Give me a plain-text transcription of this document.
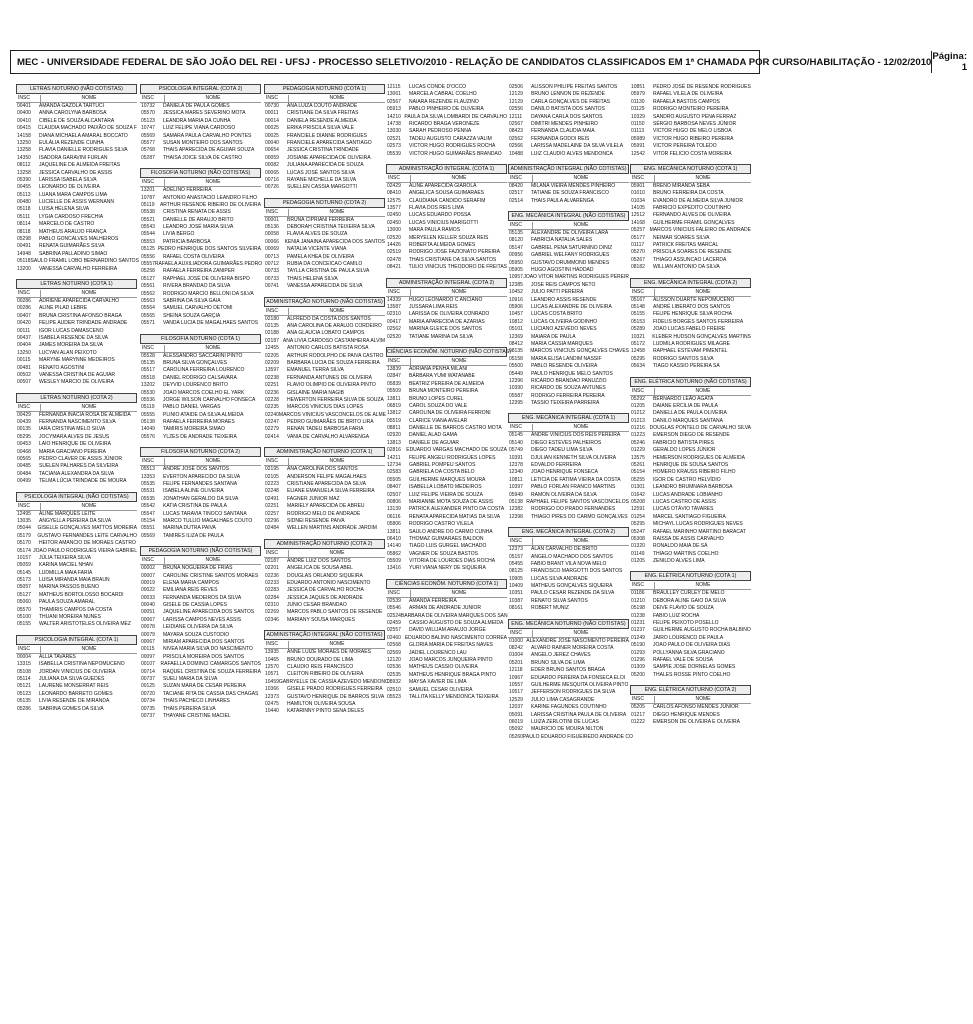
MEC - UNIVERSIDADE FEDERAL DE SÃO JOÃO DEL REI - UFSJ - PROCESSO SELETIVO/2010 - RELAÇÃO DE CANDIDATOS CLASSIFICADOS EM 1ª CHAMADA POR CURSO/HABILITAÇÃO - 12/02/2010 Página: 1
LETRAS NOTURNO (NÃO COTISTAS)
INSC	NOME
00401	AMANDA GAZOLA TARTUCI
00400	ANNA CAROLYNA BARBOSA
00410	CIBELE DE SOUZA ALCANTARA
00415	CLAUDIA MACHADO PAIXÃO DE SOUZA F
14158	DIANA MICHAELA AMARAL BOCCATO
13250	EULÁLIA REZENDE CUNHA
13258	FLAVIA DANIELLE RODRIGUES SILVA
14350	ISADORA GARAVINI FURLAN
08112	JAQUELINE DE ALMEIDA FREITAS
13258	JESSICA CARVALHO DE ASSIS
05390	LARISSA ISABELA SILVA
00455	LEONARDO DE OLIVEIRA
05113	LUANA MARA CAMPOS LIMA
00480	LUCIELLE DE ASSIS WERNANN
05118	LUISA HELENA SILVA
05111	LYGIA CARDOSO FRECHIA
08114	MARCELO DE CASTRO
08118	MATHEUS ARAUJO FRANÇA
05298	PABLO GONCALVES MALHEIROS
00491	RENATA GUIMARÃES SILVA
14948	SABRINA PALLADINO SIMAO
05118 SAULO FRAMIL LOBO BERNARDINO SANTOS
13200	VANESSA CARVALHO FERREIRA
LETRAS NOTURNO (COTA 1)
INSC	NOME
00286	ADRIENE APARECIDA CARVALHO
00286	ALINE PILAD LEBRE
00407	BRUNA CRISTINA AFONSO BRAGA
00420	FELIPE AUDER TRINDADE ANDRADE
00111	IGOR LUCAS DAMASCENO
00437	ISABELA RESENDE DA SILVA
00404	JAMES MOREIRA DA SILVA
13250	LUCYAN ALAN PEIXOTO
00115	MARYNE MARYNNE MEDEIROS
00481	RENATO AGOSTINI
00502	VANESSA CRISTINA DE AGUIAR
00507	WESLEY MARCIO DE OLIVEIRA
LETRAS NOTURNO (COTA 2)
INSC	NOME
00429	FERNANDA INACIA ROSA DE ALMEIDA
00439	FERNANDA NASCIMENTO SILVA
00135	IARA CRISTINA MELO SILVA
05295	JOCYMARA ALVES DE JESUS
00453	LAIO HENRIQUE DE OLIVEIRA
00468	MARIA GRACIANO PEREIRA
00565	PEDRO CLAVER DE ASSIS JÚNIOR
00485	SUELEN PALHARES DA SILVEIRA
00484	TACIANA ALEXANDRA DA SILVA
00499	TELMA LÚCIA TRINDADE DE MOURA
PSICOLOGIA INTEGRAL (NÃO COTISTAS)
INSC	NOME
12495	ALINE MARQUES LEITE
13035	ANGYELLA PEREIRA DA SILVA
05044	GISELLE GONÇALVES MATTOS MOREIRA
05179	GUSTAVO FERNANDES LEITE CARVALHO
05170	HEITOR AMANCIO DE MORAES CASTRO
05174 JOAO PAULO RODRIGUES VIEIRA GABRIEL
10157	JÚLIA TEIXEIRA SILVA
05059	KARINA MACIEL NHAN
05145	LUDMILLA MAIA FARIA
05173	LUISA MIRANDA MAIA BRAUN
05057	MARINA PASSOS BUENO
05127	MATHEUS BORTOLOSSO BOCARDI
05060	PAULA SOUZA AMARAL
05570	THAMIRIS CAMPOS DA COSTA
05100	THUANI MOREIRA NUNES
05155	WALTER ARISTOTELES OLIVEIRA MEZ
PSICOLOGIA INTEGRAL (COTA 1)
INSC	NOME
00004	ALLIA TAVARES
13315	ISABELLA CRISTINA NEPOMUCENO
05108	JORDAN VINICIUS DE OLIVEIRA
05114	JULIANA DA SILVA GUEDES
05121	LAURENE MONSERRAT REIS
05123	LEONARDO BARRETO GOMES
05135	LIVIA RESENDE DE MIRANDA
05286	SABRINA GOMES DA SILVA
PSICOLOGIA INTEGRAL (COTA 2)
INSC	NOME
10732	DANIELA DE PAULA GOMES
05570	JESSICA MARES SEVERINO MOTA
05123	LEANDRA MARIA DA CUNHA
10747	LUIZ FELIPE VIANA CARDOSO
05569	SAMARA PAULA CARVALHO PONTES
05577	SUSAN MONTEIRO DOS SANTOS
05768	THAIS APARECIDA DE AGUIAR SOUZA
05287	THAISA JOICE SILVA DE CASTRO
FILOSOFIA NOTURNO (NÃO COTISTAS)
INSC	NOME
13201	ADELINO FERREIRA
10787	ANTONIO ANASTACIO LEANDRO FILHO
05119	ARTHUR RESENDE RIBEIRO DE OLIVEIRA
05538	CRISTINA RENATA DE ASSIS
05521	DANIELLE DE ARAUJO BRITO
05543	LEANDRO JOSÉ MARIA SILVA
05544	LIVIA BERGO
05553	PATRICIA BARBOSA
05125 PEDRO HENRIQUE DOS SANTOS SILVEIRA
05556	RAFAEL COSTA OLIVEIRA
05557 RAFAELA AUXILIADORA GUIMARÃES PEDRO
05258	RAFAELA FERREIRA ZANIPER
05127	RAPHAEL JOSÉ DE OLIVEIRA BISPO
05561	RIVERA BRANDAO DA SILVA
05562	RODRIGO MARCIO BELLONI DA SILVA
05563	SABRINA DA SILVA GAIA
05564	SAMUEL CARVALHO DETOMI
05565	SHEINA SOUZA GARÇIA
05571	VANDA LUCIA DE MAGALHAES SANTOS
FILOSOFIA NOTURNO (COTA 1)
INSC	NOME
05528	ALESSANDRO SACCARINI PINTO
05135	BRUNA SILVA GONÇALVES
05517	CAROLINA FERREIRA LOURENCO
05518	DANIEL RODRIGO CALSAVARA
13202	DEYVID LOURENCO BRITO
05530	JOAO MARCOS COELHO EL YARK
05536	JORGE WILSON CARVALHO FONSECA
05119	PABLO DANIEL VARGAS
05555	PLINIO ATAIDE DA SILVA ALMEIDA
05138	RAFAELA FERREIRA MORAES
14049	TAMIRIS MOREIRA SIMAO
05576	YLZES DE ANDRADE TEIXEIRA
FILOSOFIA NOTURNO (COTA 2)
INSC	NOME
05513	ANDRÉ JOSÉ DOS SANTOS
13353	EVERTON APARECIDO DA SILVA
05535	FELIPE FERNANDES SANTANA
05531	ISABELA ALINE OLIVEIRA
05535	JONATHAN GERALDO DA SILVA
05542	KATIA CRISTINA DE PAULA
05547	LUCAS TARAVIA TINOCO SANTANA
05154	MARCO TULLIO MAGALHAES COUTO
05551	MARINA DUTRA PAIVA
05569	TAMIRES ILIZA DE PAULA
PEDAGOGIA NOTURNO (NÃO COTISTAS)
INSC	NOME
00002	BRUNA NOGUEIRA DE FRIAS
00007	CAROLINE CRISTINE SANTOS MORAES
00019	ELENA MARIA CAMPOS
00022	EMILIANA REIS REVES
00033	FERNANDA MEDEIROS DA SILVA
00040	GISELE DE CASSIA LOPES
00051	JAQUELINE APARECIDA DOS SANTOS
00067	LARISSA CAMPOS NEVES ASSIS
00078	LEIDIANE OLIVEIRA DA SILVA
00079	MAYARA SOUZA CUSTODIO
00067	MIRIAM APARECIDA DOS SANTOS
00115	NIVEA MARIA SILVA DO NASCIMENTO
00097	PRISCILA MOREIRA DOS SANTOS
00107	RAFAELLA DOMINCI CAMARGOS SANTOS
00714	RAQUEL CRISTINA DE SOUZA FERREIRA
00737	SUELI MARIA DA SILVA
00125	SUZAN MARA DE CESAR PEREIRA
00720	TACIANE RITA DE CASSIA DAS CHAGAS
00734	THAIS PACHECO LINHARES
00735	THAIS PEREIRA SILVA
00737	THAYANE CRISTINE MACIEL
PEDAGOGIA NOTURNO (COTA 1)
INSC	NOME
00730	ANA LUIZA COUTO ANDRADE
00011	CRISTIANE DA SILVA FREITAS
00014	DANIELA RESENDE ALMEIDA
00025	ERIKA PRISCILA SILVA VALE
00025	FRANCIELE DIANNE RODRIGUES
00040	FRANCIELE APARECIDA SANTIAGO
00654	JESSICA CRISTINA TRINDADE
00059	JOSIANE APARECIDA DE OLIVEIRA
00082	JULIANA APARECIDA DE SOUZA
00065	LUCAS JOSÉ SANTOS SILVA
00716	RAYANE MICHELLE DA SILVA
00726	SUELLEN CASSIA MARGOTTI
PEDAGOGIA NOTURNO (COTA 2)
INSC	NOME
00001	BRUNA CIPRIANI FERREIRA
05136	DEBORAH CRISTINA TEIXEIRA SILVA
00058	FLAVIA ALVES DE SOUZA
00066	KENIA JANAINA APARECIDA DOS SANTOS
00069	NATALIA VICENTE VIANA
00713	PAMELA KHEA DE OLIVEIRA
00712	RUBIA DA CONCEICAO CAMILO
00733	TAYLLA CRISTINA DE PAULA SILVA
00733	THAIS HELENA SILVA
00741	VANESSA APARECIDA DE SILVA
ADMINISTRAÇÃO NOTURNO (NÃO COTISTAS)
INSC	NOME
02180	ALFREDO DA COSTA DOS SANTOS
02135	ANA CAROLINA DE ARAUJO CORDEIRO
02188	ANA GLAUCIA LOBATO CAMPOS
02187 ANA LIVIA CARDOSO CASTANHEIRA ALVIM
12455	ANTONIO CARLOS BATISTA ROSA
02205	ARTHUR RODOLPHO DE PAIVA CASTRO
02209	BARBARA LUCIA DE SOUZA FERREIRA
13597	EMANUEL TERRA SILVA
02238	FERNANDA ANTUNES DE OLIVEIRA
02251	FLAVIO OLIMPIO DE OLIVEIRA PINTO
02236	GISLAINE MARIA NAGIB
02228	HEWERTON FERREIRA SILVA DE SOUZA
02235	MARCOS VINICIUS DIAS LOPES
02240 MARCOS VINICIUS VASCONCELOS DE ALME
02247	PEDRO GUIMARÃES DE BRITO LIRA
02279	RENAN TADEU BARBOSA FARIA
02414	VANIA DE CARVALHO ALVARENGA
ADMINISTRAÇÃO NOTURNO (COTA 1)
INSC	NOME
02195	ANA CAROLINA DOS SANTOS
02105	ANDERSON FELIPE MAGALHAES
02223	CRISTIANE APARECIDA DA SILVA
02248	ELIANE EMANUELA SILVA FERREIRA
02491	FAGNER JUNIOR MAZ
02251	MARIELY APARECIDA DE ABREU
02257	RODRIGO MELO DE ANDRADE
02296	SIDNEI RESENDE PAIVA
02484	WELLEN MARTINS ANDRADE JARDIM
ADMINISTRAÇÃO NOTURNO (COTA 2)
INSC	NOME
02187	ANDRE LUIZ DOS SANTOS
02201	ANGELICA DE SOUSA ABEL
02236	DOUGLAS ORLANDO SIQUEIRA
02233	EDUARDO ANTONIO NASCIMENTO
02283	JESSICA DE CARVALHO ROCHA
02284	JESSICA JAQUES DE ANDRADE
02310	JUNIO CESAR BRANDAO
02269	MARCOS PABLO SANTOS DE RESENDE
02346	MARIANY SOUSA MARQUES
ADMINISTRAÇÃO INTEGRAL (NÃO COTISTAS)
INSC	NOME
13935	ANNE LUIZE MORAES DE MORAES
10465	BRUNO DOURADO DE LIMA
12570	CLAUDIO REIS FRANCISCO
10571	CLEITON RIBEIRO DE OLIVEIRA
10459 GABRYELLE DE CASSIA AZEVEDO MENDONC
10366	GISELE PRADO RODRIGUES FERREIRA
12373	GUSTAVO HENRIQUE DE BARROS SILVA
02475	HAMILTON OLIVEIRA SOUSA
10440	KATARINNY PINTO SENA DELES
12115	LUCAS CONDE D'OCCO
13061	MARCELA CABRAL COELHO
02567	NAIARA REZENDE FLAUZINO
05913	PABLO PINHEIRO DE OLIVEIRA
14210 PAULA DA SILVA LOMBARDI DE CARVALHO
14738	RICARDO BRAGA VERONEZE
13030	SARAH PEDROSO PENNA
02521	TADEU AUGUSTO CARAZZA VALIM
02573	VICTOR HUGO RODRIGUES ROCHA
05539	VICTOR HUGO GUIMARÃES BRANDAO
ADMINISTRAÇÃO INTEGRAL (COTA 1)
INSC	NOME
02429	ALINE APARECIDA GIAROLA
08410	ANGELICA SOUSA GUIMARAES
12575	CLAUDIANA CANDIDO SERAFIM
13577	FLAVIA DOS REIS LIMA
02450	LUCAS EDUARDO POSSA
02450	LUCAS VINICIUS MARIGOTTI
13000	MARA PAULA RAMOS
02520	MERYELEN KELLER SOUZA REIS
14426	ROBERTA ALMEIDA GOMES
02519	RODRIGO JOSE FAZIONATO PEREIRA
02478	THAIS CRISTIANE DA SILVA SANTOS
08421	TULIO VINICIUS THEODORO DE FREITAS
ADMINISTRAÇÃO INTEGRAL (COTA 2)
INSC	NOME
14339	HUGO LEONARDO C ANCIANO
13587	JUSSARA LIMA REIS
02310	LARISSA DE OLIVEIRA CONRADO
00417	MARIA APARECIDA DE AZARIAS
02562	MARINA GLEICE DOS SANTOS
02520	TATIANE MARINA DA SILVA
CIÊNCIAS ECONÔM. NOTURNO (NÃO COTISTAS)
INSC	NOME
13839	ADRIANA PENHA MILANI
02847	BÁRBARA YUMI WATANABE
05839	BEATRIZ PEREIRA DE ALMEIDA
05509	BRUNA MONTEIRO PEREIRA
13811	BRUNO LOPES CUREL
06819	CAROL SOUZA DO VALE
13812	CAROLINA DE OLIVEIRA FERRONI
05519	CLARICE VIANA AVELAR
08811	DANIELLE DE BARROS CASTRO MOTA
02920	DANIEL ALAD GAMA
13813	DANIELE DE AGUIAR
02816	EDUARDO VARGAS MACHADO DE SOUZA
14211	FELIPE ANGELI RODRIGUES LOPES
12734	GABRIEL POMPEU SANTOS
02583	GABRIELA DA COSTA BELO
05505	GUILHERME MARQUES MOURA
08407	ISABELLA LOBATO MEDEIROS
02507	LUIZ FELIPE VIEIRA DE SOUZA
00806	MARIANNE MOTA SOUZA DE ASSIS
13139	PATRICK ALEXANDER PINTO DA COSTA
06116	RENATA APARECIDA MATIAS DA SILVA
05806	RODRIGO CASTRO VILELA
13811	SAULO ANDRE DO CARMO CUNHA
06410	THOMAZ GUIMARAES BALDON
14140	TIAGO LUIS GURGEL MACHADO
05862	VAGNER DE SOUZA BASTOS
05509	VITORIA DE LOURDES DIAS ROCHA
13416	YURI VIANA NERY DE SIQUEIRA
CIÊNCIAS ECONÔM. NOTURNO (COTA 1)
INSC	NOME
02539	AMANDA FERREIRA
05546	ARMAN DE ANDRADE JUNIOR
02524 BARBARA DE OLIVEIRA MARQUES DOS SAN
02459	CASSIO AUGUSTO DE SOUZA ALMEIDA
02557	DAVID WILLIAM ARAUJO JORGE
02460 EDUARDO BALINO NASCIMENTO CORREA
02568	GLORIA MARIA DE FREITAS NAVES
02569	JADIEL LOURENCO LAU
12120	JOAO MARCOS JUNQUEIRA PINTO
02536	MATHEUS CASSIO OLIVEIRA
02535	MATHEUS HENRIQUE BRAGA PINTO
08932	MAYSA XAVIER DE LIMA
02510	SAMUEL CESAR OLIVEIRA
05523	TALLITA KELLY MENDONCA TEIXEIRA
02506	ALISSON PHILIPE FREITAS SANTOS
12129	BRUNO LENNON DE REZENDE
12129	CARLA GONÇALVES DE FREITAS
02556	DANILO BATISTA DOS SANTOS
12111	DAYANA CARLA DOS SANTOS
02567	DIMITRI MENDES PINHEIRO
08423	FERNANDA CLAUDIA MAIA
02562	FERNANDA GODOI REIS
02566	LARISSA MADELAINE DA SILVA VILELA
10488	LUIZ CLAUDIO ALVES MENDONCA
ADMINISTRAÇÃO INTEGRAL (NÃO COTISTAS)
INSC	NOME
08420	MILANA VIEIRA MENDES PINHEIRO
02517	TATIANE DE SOUZA FRANCISCO
02514	THAIS PAULA ALVARENGA
ENG. MECÂNICA INTEGRAL (NÃO COTISTAS)
INSC	NOME
05135	ALEXANDRE DE OLIVEIRA LARA
08120	FABRICIA NATALIA SALES
05147	GABRIEL PENA SATURNINO DINIZ
00956	GABRIEL WELFANY RODRIGUES
05950	GUSTAVO DRUMMOND MENDES
05905	HUGO AGOSTINI HADDAD
10957 JOAO VITOR MARTINS RODRIGUES PEREIR
12385	JOSE REIS CAMPOS NETO
10452	JULIO PATTI PEREIRA
10916	LEANDRO ASSIS RESENDE
05906	LUCAS ALEXANDRE DE OLIVEIRA
10457	LUCAS COSTA BRITO
10812	LUCAS OLIVEIRA GODINHO
05101	LUCIANO AZEVEDO NEVES
12369	MAIARA DE PAULA
08412	MARIA CASSIA MARQUES
08135	MARCOS VINICIUS GONÇALVES CHAVES
05158	MARIA ELISA LANDIM NASSIF
05500	PABLO RESENDE OLIVEIRA
05449	PAULO HENRIQUE MELO SANTOS
12396	RICARDO BRANDAO PANUZZIO
10390	RICARDO DE SOUZA ANTUNES
05587	RODRIGO FERREIRA PEREIRA
12395	TASSIO TEIXEIRA PARREIRA
ENG. MECÂNICA INTEGRAL (COTA 1)
INSC	NOME
05145	ANDRE VINICIUS DOS REIS PEREIRA
05140	DIEGO ESTEVES PALHEIROS
05749	DIEGO TADEU LIMA SILVA
10391	DJULIAN KENNETH SILVA OLIVEIRA
12378	EDVALDO FERREIRA
12340	JOAO HENRIQUE FONSECA
10811	LETICIA DE FATIMA VIEIRA DA COSTA
10397	PABLO FORLAN FRANCO MARTINS
05949	RAMON OLIVEIRA DA SILVA
05138 RAPHAEL FELIPE SANTOS VASCONCELOS
12382	RODRIGO DO PRADO FERNANDES
12398	THIAGO PIRES DO CARMO GONÇALVES
ENG. MECÂNICA INTEGRAL (COTA 2)
INSC	NOME
12373	ALAN CARVALHO DE BRITO
05157	ANGELO MACHADO DOS SANTOS
05455	FABIO BRANT VILA NOVA MELO
08125	FRANCISCO MARGOTTI DOS SANTOS
10905	LUCAS SILVA ANDRADE
10409	MATHEUS GONÇALVES SIQUEIRA
10351	PAULO CESAR REZENDE DA SILVA
10387	RENATO SILVA SANTOS
08161	ROBERT MUNIZ
ENG. MECÂNICA NOTURNO (NÃO COTISTAS)
INSC	NOME
01000 ALEXANDRE JOSE NASCIMENTO PEREIRA
08242	ALVARO RAINER MOREIRA COSTA
01004	ANGELO JEREZ CHAVES
05201	BRUNO SILVA DE LIMA
12118	EDER BRUNO SANTOS BRAGA
10967	EDUARDO PEREIRA DA FONSECA ELOI
10557	GUILHERME MESQUITA OLIVEIRA PINTO
10517	JEFFERSON RODRIGUES DA SILVA
12529	JULIO LIMA CASAGRANDE
12037	KARINE FAGUNDES COUTINHO
05091	LARISSA CRISTINA PAULA DE OLIVEIRA
06019	LUIZA ZERLOTINI DE LUCAS
05092	MAURICIO DE MOURA NILTON
05260 PAULO EDUARDO FIGUEIREDO ANDRADE CO
10851	PEDRO JOSÉ DE RESENDE RODRIGUES
05979	RAFAEL VILELA DE OLIVEIRA
01130	RAFAELA BASTOS CAMPOS
01129	RODRIGO MONTEIRO PEREIRA
10329	SANDRO AUGUSTO PENA FERRAZ
01150	SÉRGIO BARBOSA NEVES JÚNIOR
01113	VICTOR HUGO DE MELO LISBOA
05989	VICTOR HUGO RIBEIRO PEREIRA
05991	VICTOR PEREIRA TOLEDO
12542	VITOR FELICIO COSTA MOREIRA
ENG. MECÂNICA NOTURNO (COTA 1)
INSC	NOME
05901	BRENO MIRANDA SEBA
01010	BRUNO FERREIRA DA COSTA
01034	EVANDRO DE ALMEIDA SILVA JUNIOR
14105	FABRICIO EXPEDITO COUTINHO
12512	FERNANDO ALVES DE OLIVEIRA
14168	GUILHERME FRAMIL GONÇALVES
05257 MARCOS VINICIUS FALEIRO DE ANDRADE
05177	NEIMAR SOARES SILVA
01117	PATRICK FREITAS MARCAL
05270	PRISCILA SOARES DE RESENDE
05267	THIAGO ASSUNCAO LACERDA
08182	WILLIAN ANTONIO DA SILVA
ENG. MECÂNICA INTEGRAL (COTA 2)
INSC	NOME
05167	ALISSON DUARTE NEPOMUCENO
05148	ANDRÉ LIBERATO DOS SANTOS
05155	FELIPE HENRIQUE SILVA ROCHA
05153	FIDELIS BORGES SANTOS FERREIRA
05289	JOAO LUCAS FABELO FREIRE
10321	KLEBER HUDSON GONÇALVES MARTINS
05172	LUDMILA RODRIGUES MILAGRE
12458	RAPHAEL ESTEVAM PIMENTEL
05295	RODRIGO SANTOS SILVA
05634	TIAGO KASSIO PEREIRA SA
ENG. ELÉTRICA NOTURNO (NÃO COTISTAS)
INSC	NOME
05292	BERNARDO LEÃO AGATA
01205	DAIANE ERCILIA DE PAULA
01212	DANIELLA DE PAULA OLIVEIRA
01213	DANILO MARQUES SANTANA
01216 DOUGLAS PONTELO DE CARVALHO SILVA
01223	EMERSON DIEGO DE RESENDE
05246	FABRICIO BATISTA PIRES
01229	GERALDO LOPES JÚNIOR
13575	HEMERSON RODRIGUES DE ALMEIDA
05261	HENRIQUE DE SOUSA SANTOS
05154	HOMERO KRAUSS RIBEIRO FILHO
05255	IGOR DE CASTRO HELVÍDIO
01301	LEANDRO BRUMNARA BARBOSA
01642	LUCAS ANDRADE LOBIANHO
05208	LUCAS CASTRO DE ASSIS
12591	LUCAS OTÁVIO TAVARES
01254	MARCEL SANTIAGO FIGUEIRA
05295	MICHAYL LUCAS RODRIGUES NEVES
05247	RAFAEL MARINHO MARTINO BARACAT
05308	RAISSA DE ASSIS CARVALHO
01320	RONALDO MAIA DE SÁ
01149	THIAGO MARTINS COELHO
01205	ZENILDO ALVES LIMA
ENG. ELÉTRICA NOTURNO (COTA 1)
INSC	NOME
01186	BRAULLEY CURLEY DE MELO
01210	DEBORA ALINE GAIO DA SILVA
05198	DEIVE FLAVIO DE SOUZA
01238	FABIO LUIZ ROCHA
01231	FELIPE PEIXOTO POSELLO
01237	GUILHERME AUGUSTO ROCHA BALBINO
01249	JAIRO LOURENCO DE PAULA
05190	JOAO PAULO DE OLIVEIRA DIAS
01293	POLLYANNA SILVA GRACIANO
01296	RAFAEL VALE DE SOUSA
01309	SAMPIE JOSE DORNELAS GOMES
05200	THALES ROSSE PINTO COELHO
ENG. ELÉTRICA NOTURNO (COTA 2)
INSC	NOME
05205	CARLOS AFONSO MENDES JÚNIOR
01217	DIEGO HENRIQUE MENDES
01222	EMERSON DE OLIVEIRA E OLIVEIRA
